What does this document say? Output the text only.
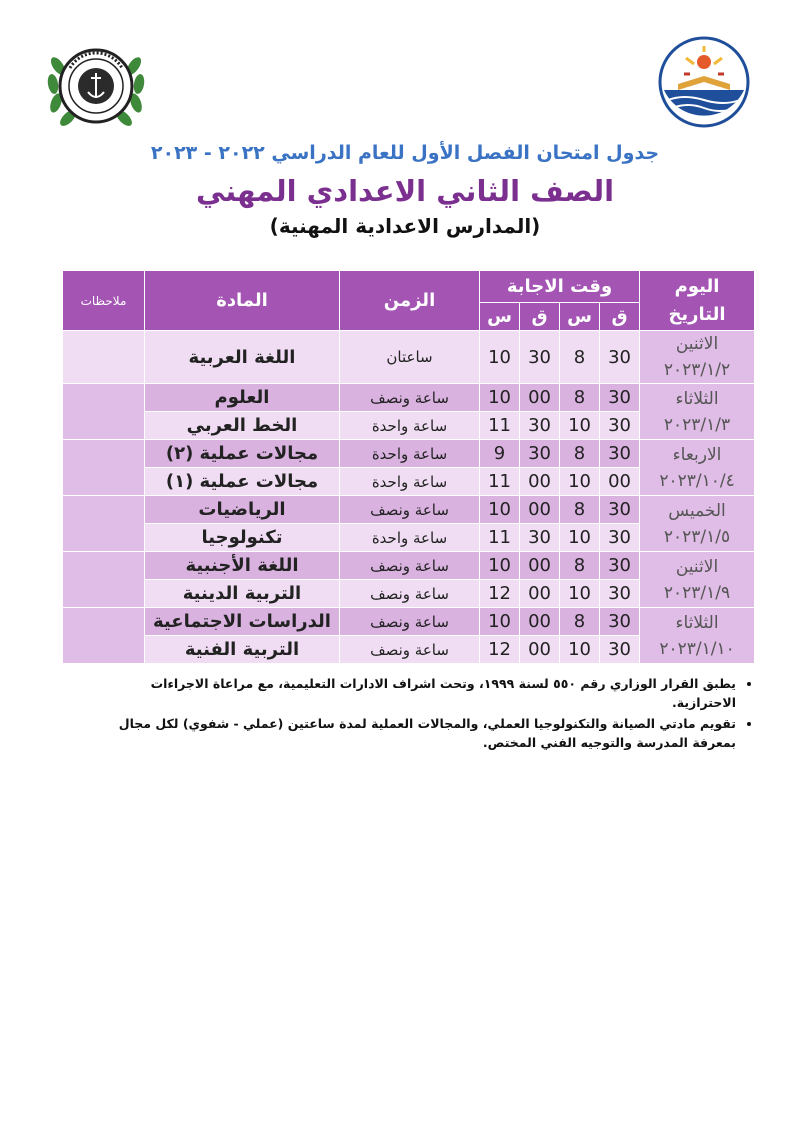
جدول امتحان الفصل الأول للعام الدراسي ٢٠٢٢ - ٢٠٢٣
الصف الثاني الاعدادي المهني
(المدارس الاعدادية المهنية)
اليوم
التاريخ	وقت الاجابة				الزمن	المادة	ملاحظات
	ق	س	ق	س			
الاثنين
٢٠٢٣/١/٢	30	8	30	10	ساعتان	اللغة العربية	
الثلاثاء
٢٠٢٣/١/٣	30	8	00	10	ساعة ونصف	العلوم	
	30	10	30	11	ساعة واحدة	الخط العربي	
الاربعاء
٢٠٢٣/١٠/٤	30	8	30	9	ساعة واحدة	مجالات عملية (٢)	
	00	10	00	11	ساعة واحدة	مجالات عملية (١)	
الخميس
٢٠٢٣/١/٥	30	8	00	10	ساعة ونصف	الرياضيات	
	30	10	30	11	ساعة واحدة	تكنولوجيا	
الاثنين
٢٠٢٣/١/٩	30	8	00	10	ساعة ونصف	اللغة الأجنبية	
	30	10	00	12	ساعة ونصف	التربية الدينية	
الثلاثاء
٢٠٢٣/١/١٠	30	8	00	10	ساعة ونصف	الدراسات الاجتماعية	
	30	10	00	12	ساعة ونصف	التربية الفنية	
• يطبق القرار الوزاري رقم ٥٥٠ لسنة ١٩٩٩، وتحت اشراف الادارات التعليمية، مع مراعاة الاجراءات الاحترازية.
• تقويم مادتي الصيانة والتكنولوجيا العملي، والمجالات العملية لمدة ساعتين (عملي - شفوي) لكل مجال بمعرفة المدرسة والتوجيه الفني المختص.
